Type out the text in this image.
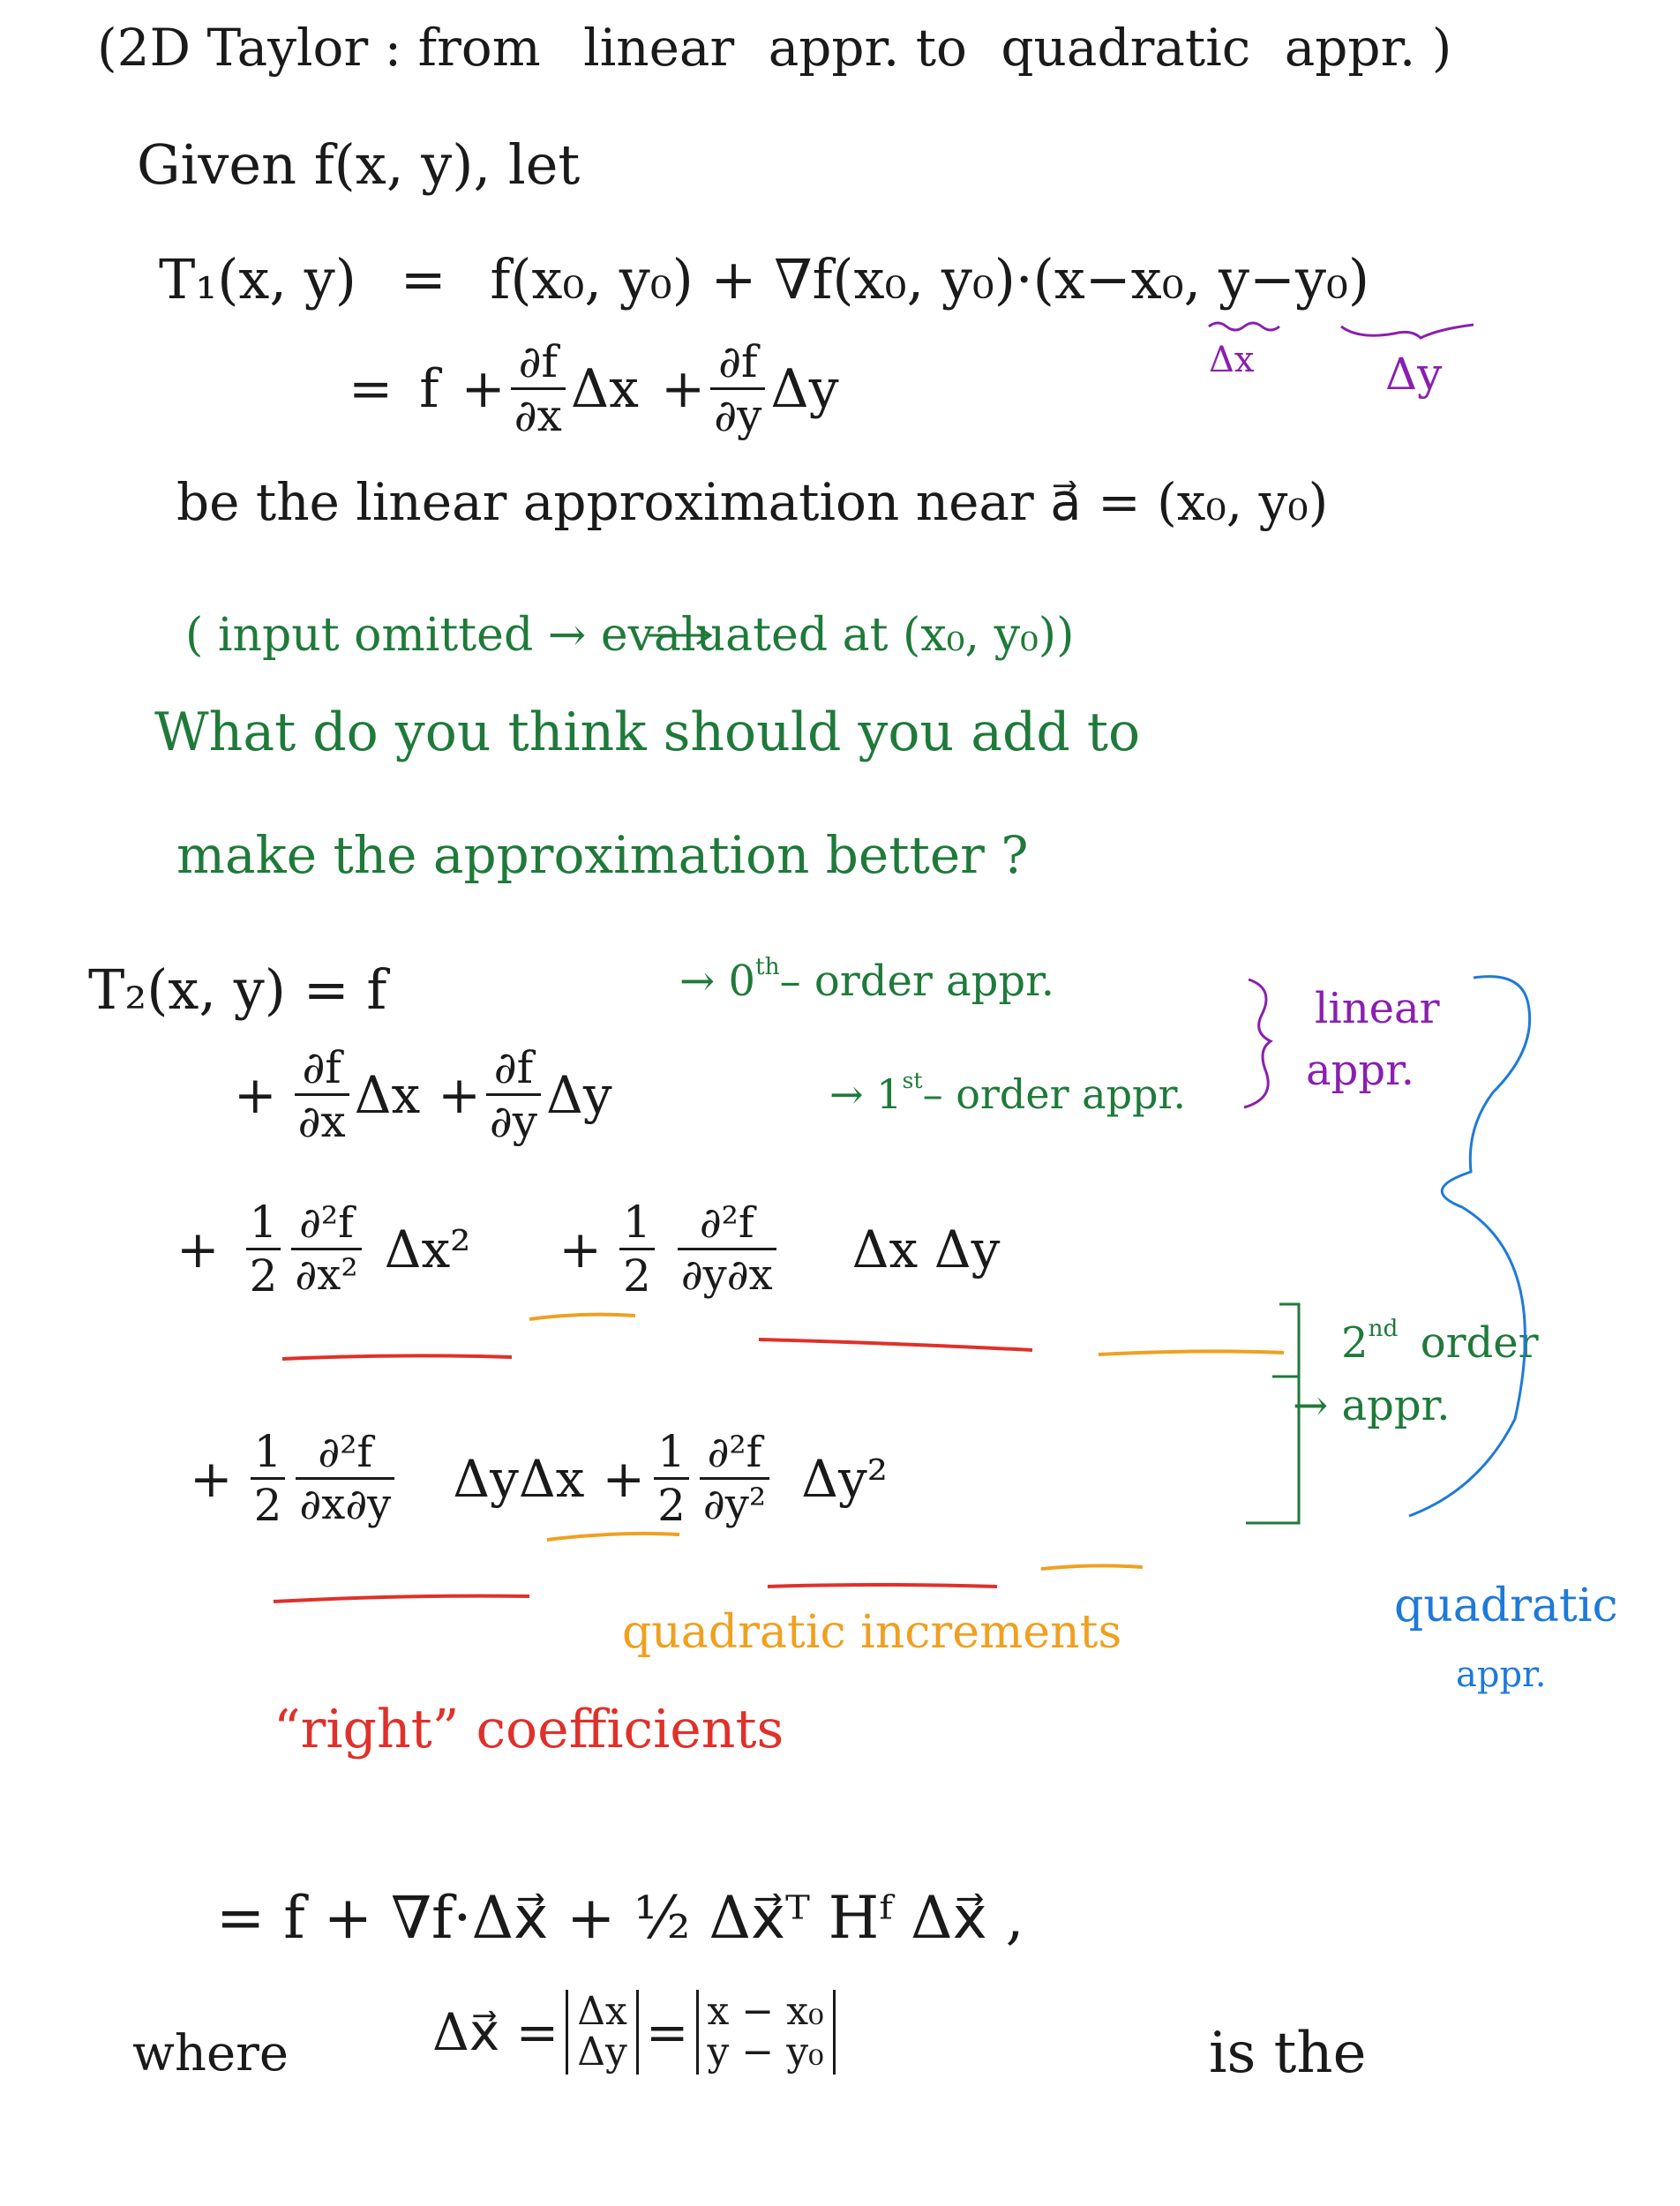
(2D Taylor : from linear appr. to quadratic appr. )
Given f(x, y), let
T₁(x, y) = f(x₀, y₀) + ∇f(x₀, y₀)·(x−x₀, y−y₀)
Δx	Δy
= $f + \frac{\partial f}{\partial x}$ $\Delta x + \frac{\partial f}{\partial y}$ Δy
be the linear approximation near a⃗ = (x₀, y₀)
( input omitted → evaluated at (x₀, y₀))
What do you think should you add to
make the approximation better ?
T₂(x, y) = f	→ 0th– order appr.
+ $\frac{\partial f}{\partial x}$ $\Delta x + \frac{\partial f}{\partial y}$ Δy	→ 1st– order appr.
linear
appr.
+ $\frac{1}{2} \frac{\text{∂²f}}{\text{∂x²}} \Delta x^2 + \frac{1}{2} \frac{\text{∂²f}}{\partial y\partial x}$ Δx Δy
+ $\frac{1}{2} \frac{\text{∂²f}}{\partial x\partial y}$ $\Delta y\Delta x + \frac{1}{2} \frac{\text{∂²f}}{\text{∂y²}} \Delta y^2$
2nd order
→ appr.
quadratic increments
“right” coefficients
quadratic
appr.
= f + ∇f·Δx⃗ + ½ Δx⃗ᵀ Hᶠ Δx⃗ ,
where	Δx⃗ = Δx
Δy = x − x₀
y − y₀	is the
